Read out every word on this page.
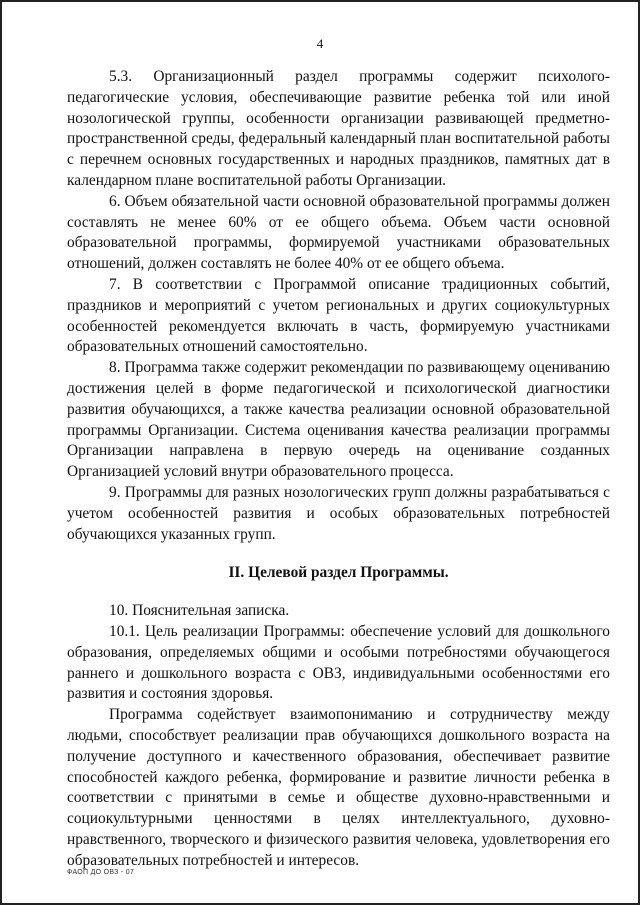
4

5.3. Организационный раздел программы содержит психолого-педагогические условия, обеспечивающие развитие ребенка той или иной нозологической группы, особенности организации развивающей предметно-пространственной среды, федеральный календарный план воспитательной работы с перечнем основных государственных и народных праздников, памятных дат в календарном плане воспитательной работы Организации.

6. Объем обязательной части основной образовательной программы должен составлять не менее 60% от ее общего объема. Объем части основной образовательной программы, формируемой участниками образовательных отношений, должен составлять не более 40% от ее общего объема.

7. В соответствии с Программой описание традиционных событий, праздников и мероприятий с учетом региональных и других социокультурных особенностей рекомендуется включать в часть, формируемую участниками образовательных отношений самостоятельно.

8. Программа также содержит рекомендации по развивающему оцениванию достижения целей в форме педагогической и психологической диагностики развития обучающихся, а также качества реализации основной образовательной программы Организации. Система оценивания качества реализации программы Организации направлена в первую очередь на оценивание созданных Организацией условий внутри образовательного процесса.

9. Программы для разных нозологических групп должны разрабатываться с учетом особенностей развития и особых образовательных потребностей обучающихся указанных групп.

II. Целевой раздел Программы.

10. Пояснительная записка.

10.1. Цель реализации Программы: обеспечение условий для дошкольного образования, определяемых общими и особыми потребностями обучающегося раннего и дошкольного возраста с ОВЗ, индивидуальными особенностями его развития и состояния здоровья.

Программа содействует взаимопониманию и сотрудничеству между людьми, способствует реализации прав обучающихся дошкольного возраста на получение доступного и качественного образования, обеспечивает развитие способностей каждого ребенка, формирование и развитие личности ребенка в соответствии с принятыми в семье и обществе духовно-нравственными и социокультурными ценностями в целях интеллектуального, духовно-нравственного, творческого и физического развития человека, удовлетворения его образовательных потребностей и интересов.

ФАОП ДО ОВЗ - 07
